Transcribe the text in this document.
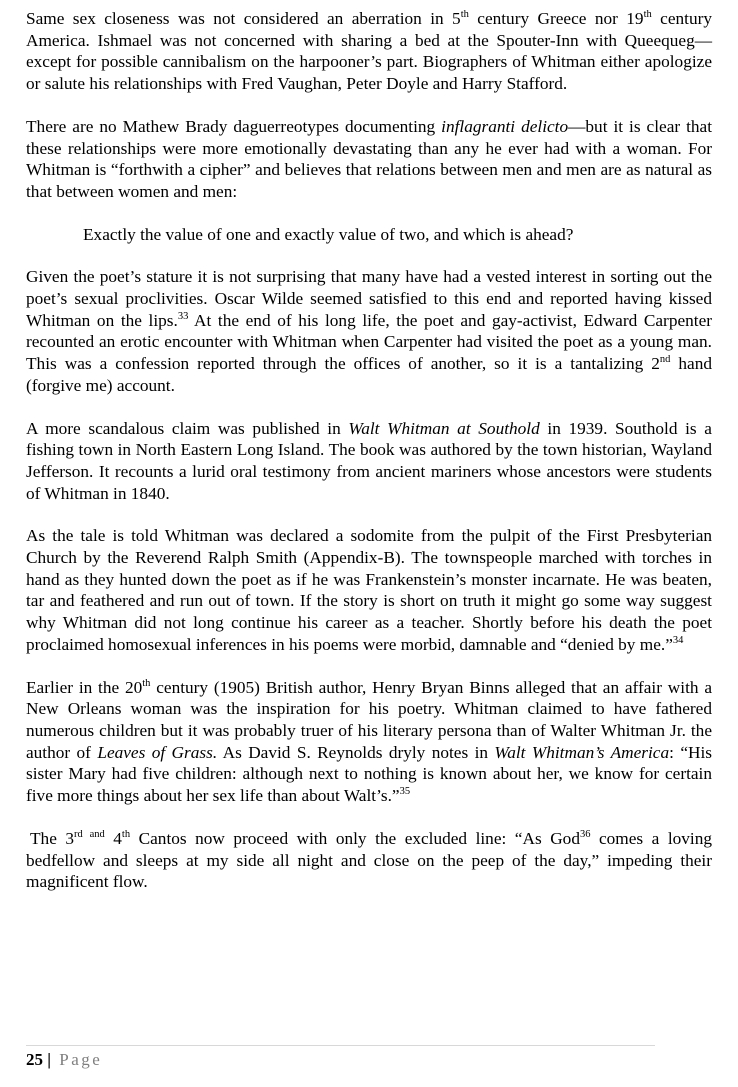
Same sex closeness was not considered an aberration in 5th century Greece nor 19th century America. Ishmael was not concerned with sharing a bed at the Spouter-Inn with Queequeg—except for possible cannibalism on the harpooner’s part. Biographers of Whitman either apologize or salute his relationships with Fred Vaughan, Peter Doyle and Harry Stafford.

There are no Mathew Brady daguerreotypes documenting inflagranti delicto—but it is clear that these relationships were more emotionally devastating than any he ever had with a woman. For Whitman is “forthwith a cipher” and believes that relations between men and men are as natural as that between women and men:

Exactly the value of one and exactly value of two, and which is ahead?

Given the poet’s stature it is not surprising that many have had a vested interest in sorting out the poet’s sexual proclivities. Oscar Wilde seemed satisfied to this end and reported having kissed Whitman on the lips.$^{33}$ At the end of his long life, the poet and gay-activist, Edward Carpenter recounted an erotic encounter with Whitman when Carpenter had visited the poet as a young man. This was a confession reported through the offices of another, so it is a tantalizing 2nd hand (forgive me) account.

A more scandalous claim was published in Walt Whitman at Southold in 1939. Southold is a fishing town in North Eastern Long Island. The book was authored by the town historian, Wayland Jefferson. It recounts a lurid oral testimony from ancient mariners whose ancestors were students of Whitman in 1840.

As the tale is told Whitman was declared a sodomite from the pulpit of the First Presbyterian Church by the Reverend Ralph Smith (Appendix-B). The townspeople marched with torches in hand as they hunted down the poet as if he was Frankenstein’s monster incarnate. He was beaten, tar and feathered and run out of town. If the story is short on truth it might go some way suggest why Whitman did not long continue his career as a teacher. Shortly before his death the poet proclaimed homosexual inferences in his poems were morbid, damnable and “denied by me.”$^{34}$

Earlier in the 20th century (1905) British author, Henry Bryan Binns alleged that an affair with a New Orleans woman was the inspiration for his poetry. Whitman claimed to have fathered numerous children but it was probably truer of his literary persona than of Walter Whitman Jr. the author of Leaves of Grass. As David S. Reynolds dryly notes in Walt Whitman’s America: “His sister Mary had five children: although next to nothing is known about her, we know for certain five more things about her sex life than about Walt’s.”$^{35}$

The $3^{rd and}$ 4th Cantos now proceed with only the excluded line: “As God$^{36}$ comes a loving bedfellow and sleeps at my side all night and close on the peep of the day,” impeding their magnificent flow.

25 | Page
